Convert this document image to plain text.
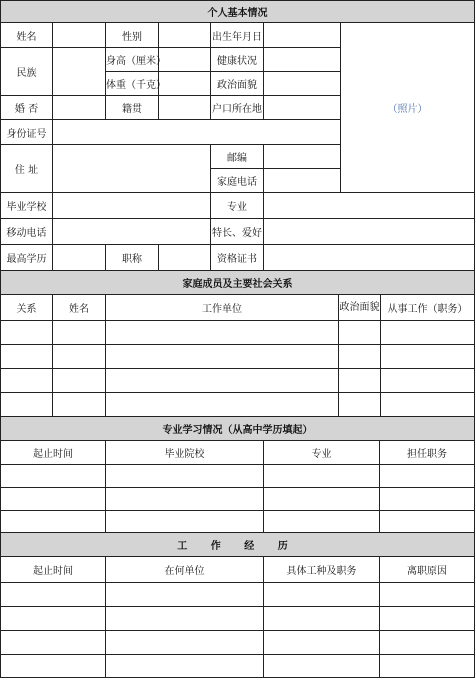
个人基本情况						
姓名		性别		出生年月日		（照片）
民族		身高（厘米）		健康状况		
		体重（千克）		政治面貌		
婚 否		籍贯		户口所在地		
身份证号						
住 址				邮编		
				家庭电话		
毕业学校				专业		
移动电话				特长、爱好		
最高学历		职称		资格证书		
家庭成员及主要社会关系				
关系	姓名	工作单位	政治面貌	从事工作（职务）

专业学习情况（从高中学历填起）			
起止时间	毕业院校	专业	担任职务

工 作 经 历			
起止时间	在何单位	具体工种及职务	离职原因
